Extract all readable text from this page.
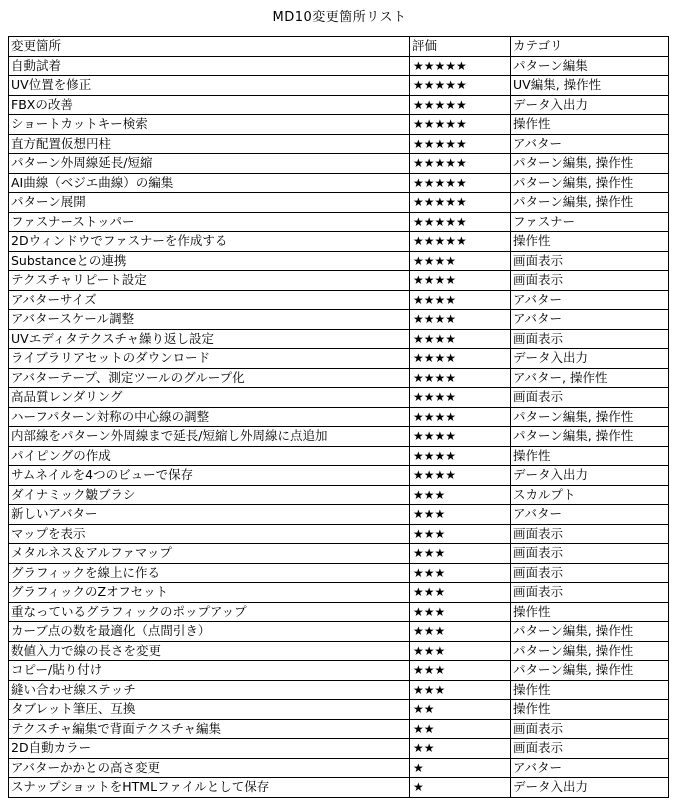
MD10変更箇所リスト
変更箇所	評価	カテゴリ
自動試着	★★★★★	パターン編集
UV位置を修正	★★★★★	UV編集, 操作性
FBXの改善	★★★★★	データ入出力
ショートカットキー検索	★★★★★	操作性
直方配置仮想円柱	★★★★★	アバター
パターン外周線延長/短縮	★★★★★	パターン編集, 操作性
AI曲線（ベジエ曲線）の編集	★★★★★	パターン編集, 操作性
パターン展開	★★★★★	パターン編集, 操作性
ファスナーストッパー	★★★★★	ファスナー
2Dウィンドウでファスナーを作成する	★★★★★	操作性
Substanceとの連携	★★★★	画面表示
テクスチャリピート設定	★★★★	画面表示
アバターサイズ	★★★★	アバター
アバタースケール調整	★★★★	アバター
UVエディタテクスチャ繰り返し設定	★★★★	画面表示
ライブラリアセットのダウンロード	★★★★	データ入出力
アバターテープ、測定ツールのグループ化	★★★★	アバター, 操作性
高品質レンダリング	★★★★	画面表示
ハーフパターン対称の中心線の調整	★★★★	パターン編集, 操作性
内部線をパターン外周線まで延長/短縮し外周線に点追加	★★★★	パターン編集, 操作性
パイピングの作成	★★★★	操作性
サムネイルを4つのビューで保存	★★★★	データ入出力
ダイナミック皺ブラシ	★★★	スカルプト
新しいアバター	★★★	アバター
マップを表示	★★★	画面表示
メタルネス＆アルファマップ	★★★	画面表示
グラフィックを線上に作る	★★★	画面表示
グラフィックのZオフセット	★★★	画面表示
重なっているグラフィックのポップアップ	★★★	操作性
カーブ点の数を最適化（点間引き）	★★★	パターン編集, 操作性
数値入力で線の長さを変更	★★★	パターン編集, 操作性
コピー/貼り付け	★★★	パターン編集, 操作性
縫い合わせ線ステッチ	★★★	操作性
タブレット筆圧、互換	★★	操作性
テクスチャ編集で背面テクスチャ編集	★★	画面表示
2D自動カラー	★★	画面表示
アバターかかとの高さ変更	★	アバター
スナップショットをHTMLファイルとして保存	★	データ入出力
